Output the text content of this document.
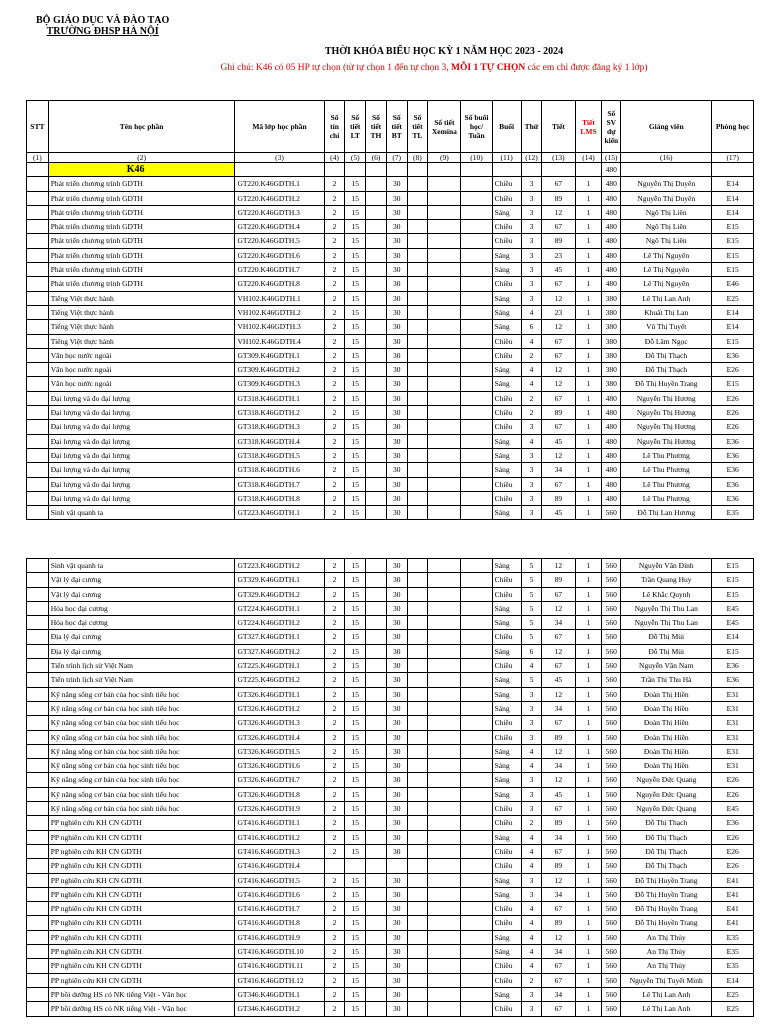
BỘ GIÁO DỤC VÀ ĐÀO TẠO
TRƯỜNG ĐHSP HÀ NỘI
THỜI KHÓA BIỂU HỌC KỲ 1 NĂM HỌC 2023 - 2024
Ghi chú: K46 có 05 HP tự chọn (từ tự chọn 1 đến tự chọn 3, MỖI 1 TỰ CHỌN các em chỉ được đăng ký 1 lớp)
STT	Tên học phần	Mã lớp học phần	Số tín chỉ	Số tiết LT	Số tiết TH	Số tiết BT	Số tiết TL	Số tiết Xemina	Số buổi học/ Tuần	Buổi	Thứ	Tiết	Tiết LMS	Số SV dự kiến	Giảng viên	Phòng học
(1)	(2)	(3)	(4)	(5)	(6)	(7)	(8)	(9)	(10)	(11)	(12)	(13)	(14)	(15)	(16)	(17)
	K46													480		
	Phát triển chương trình GDTH	GT220.K46GDTH.1	2	15		30				Chiều	3	67	1	480	Nguyễn Thị Duyên	E14
	Phát triển chương trình GDTH	GT220.K46GDTH.2	2	15		30				Chiều	3	89	1	480	Nguyễn Thị Duyên	E14
	Phát triển chương trình GDTH	GT220.K46GDTH.3	2	15		30				Sáng	3	12	1	480	Ngô Thị Liên	E14
	Phát triển chương trình GDTH	GT220.K46GDTH.4	2	15		30				Chiều	3	67	1	480	Ngô Thị Liên	E15
	Phát triển chương trình GDTH	GT220.K46GDTH.5	2	15		30				Chiều	3	89	1	480	Ngô Thị Liên	E15
	Phát triển chương trình GDTH	GT220.K46GDTH.6	2	15		30				Sáng	3	23	1	480	Lê Thị Nguyên	E15
	Phát triển chương trình GDTH	GT220.K46GDTH.7	2	15		30				Sáng	3	45	1	480	Lê Thị Nguyên	E15
	Phát triển chương trình GDTH	GT220.K46GDTH.8	2	15		30				Chiều	3	67	1	480	Lê Thị Nguyên	E46
	Tiếng Việt thực hành	VH102.K46GDTH.1	2	15		30				Sáng	3	12	1	380	Lê Thị Lan Anh	E25
	Tiếng Việt thực hành	VH102.K46GDTH.2	2	15		30				Sáng	4	23	1	380	Khuất Thị Lan	E14
	Tiếng Việt thực hành	VH102.K46GDTH.3	2	15		30				Sáng	6	12	1	380	Vũ Thị Tuyết	E14
	Tiếng Việt thực hành	VH102.K46GDTH.4	2	15		30				Chiều	4	67	1	380	Đỗ Lâm Ngọc	E15
	Văn học nước ngoài	GT309.K46GDTH.1	2	15		30				Chiều	2	67	1	380	Đỗ Thị Thạch	E36
	Văn học nước ngoài	GT309.K46GDTH.2	2	15		30				Sáng	4	12	1	380	Đỗ Thị Thạch	E26
	Văn học nước ngoài	GT309.K46GDTH.3	2	15		30				Sáng	4	12	1	380	Đỗ Thị Huyền Trang	E15
	Đại lượng và đo đại lượng	GT318.K46GDTH.1	2	15		30				Chiều	2	67	1	480	Nguyễn Thị Hương	E26
	Đại lượng và đo đại lượng	GT318.K46GDTH.2	2	15		30				Chiều	2	89	1	480	Nguyễn Thị Hương	E26
	Đại lượng và đo đại lượng	GT318.K46GDTH.3	2	15		30				Chiều	3	67	1	480	Nguyễn Thị Hương	E26
	Đại lượng và đo đại lượng	GT318.K46GDTH.4	2	15		30				Sáng	4	45	1	480	Nguyễn Thị Hương	E36
	Đại lượng và đo đại lượng	GT318.K46GDTH.5	2	15		30				Sáng	3	12	1	480	Lê Thu Phương	E36
	Đại lượng và đo đại lượng	GT318.K46GDTH.6	2	15		30				Sáng	3	34	1	480	Lê Thu Phương	E36
	Đại lượng và đo đại lượng	GT318.K46GDTH.7	2	15		30				Chiều	3	67	1	480	Lê Thu Phương	E36
	Đại lượng và đo đại lượng	GT318.K46GDTH.8	2	15		30				Chiều	3	89	1	480	Lê Thu Phương	E36
	Sinh vật quanh ta	GT223.K46GDTH.1	2	15		30				Sáng	3	45	1	560	Đỗ Thị Lan Hương	E35
	Sinh vật quanh ta	GT223.K46GDTH.2	2	15		30				Sáng	5	12	1	560	Nguyễn Văn Đính	E15
	Vật lý đại cương	GT329.K46GDTH.1	2	15		30				Chiều	5	89	1	560	Trần Quang Huy	E15
	Vật lý đại cương	GT329.K46GDTH.2	2	15		30				Chiều	5	67	1	560	Lê Khắc Quynh	E15
	Hóa học đại cương	GT224.K46GDTH.1	2	15		30				Sáng	5	12	1	560	Nguyễn Thị Thu Lan	E45
	Hóa học đại cương	GT224.K46GDTH.2	2	15		30				Sáng	5	34	1	560	Nguyễn Thị Thu Lan	E45
	Địa lý đại cương	GT327.K46GDTH.1	2	15		30				Chiều	5	67	1	560	Đỗ Thị Mùi	E14
	Địa lý đại cương	GT327.K46GDTH.2	2	15		30				Sáng	6	12	1	560	Đỗ Thị Mùi	E15
	Tiến trình lịch sử Việt Nam	GT225.K46GDTH.1	2	15		30				Chiều	4	67	1	560	Nguyễn Văn Nam	E36
	Tiến trình lịch sử Việt Nam	GT225.K46GDTH.2	2	15		30				Sáng	5	45	1	560	Trần Thị Thu Hà	E36
	Kỹ năng sống cơ bản của học sinh tiểu học	GT326.K46GDTH.1	2	15		30				Sáng	3	12	1	560	Đoàn Thị Hiền	E31
	Kỹ năng sống cơ bản của học sinh tiểu học	GT326.K46GDTH.2	2	15		30				Sáng	3	34	1	560	Đoàn Thị Hiền	E31
	Kỹ năng sống cơ bản của học sinh tiểu học	GT326.K46GDTH.3	2	15		30				Chiều	3	67	1	560	Đoàn Thị Hiền	E31
	Kỹ năng sống cơ bản của học sinh tiểu học	GT326.K46GDTH.4	2	15		30				Chiều	3	89	1	560	Đoàn Thị Hiền	E31
	Kỹ năng sống cơ bản của học sinh tiểu học	GT326.K46GDTH.5	2	15		30				Sáng	4	12	1	560	Đoàn Thị Hiền	E31
	Kỹ năng sống cơ bản của học sinh tiểu học	GT326.K46GDTH.6	2	15		30				Sáng	4	34	1	560	Đoàn Thị Hiền	E31
	Kỹ năng sống cơ bản của học sinh tiểu học	GT326.K46GDTH.7	2	15		30				Sáng	3	12	1	560	Nguyễn Đức Quang	E26
	Kỹ năng sống cơ bản của học sinh tiểu học	GT326.K46GDTH.8	2	15		30				Sáng	3	45	1	560	Nguyễn Đức Quang	E26
	Kỹ năng sống cơ bản của học sinh tiểu học	GT326.K46GDTH.9	2	15		30				Chiều	3	67	1	560	Nguyễn Đức Quang	E45
	PP nghiên cứu KH CN GDTH	GT416.K46GDTH.1	2	15		30				Chiều	2	89	1	560	Đỗ Thị Thạch	E36
	PP nghiên cứu KH CN GDTH	GT416.K46GDTH.2	2	15		30				Sáng	4	34	1	560	Đỗ Thị Thạch	E26
	PP nghiên cứu KH CN GDTH	GT416.K46GDTH.3	2	15		30				Chiều	4	67	1	560	Đỗ Thị Thạch	E26
	PP nghiên cứu KH CN GDTH	GT416.K46GDTH.4								Chiều	4	89	1	560	Đỗ Thị Thạch	E26
	PP nghiên cứu KH CN GDTH	GT416.K46GDTH.5	2	15		30				Sáng	3	12	1	560	Đỗ Thị Huyền Trang	E41
	PP nghiên cứu KH CN GDTH	GT416.K46GDTH.6	2	15		30				Sáng	3	34	1	560	Đỗ Thị Huyền Trang	E41
	PP nghiên cứu KH CN GDTH	GT416.K46GDTH.7	2	15		30				Chiều	4	67	1	560	Đỗ Thị Huyền Trang	E41
	PP nghiên cứu KH CN GDTH	GT416.K46GDTH.8	2	15		30				Chiều	4	89	1	560	Đỗ Thị Huyền Trang	E41
	PP nghiên cứu KH CN GDTH	GT416.K46GDTH.9	2	15		30				Sáng	4	12	1	560	An Thị Thủy	E35
	PP nghiên cứu KH CN GDTH	GT416.K46GDTH.10	2	15		30				Sáng	4	34	1	560	An Thị Thủy	E35
	PP nghiên cứu KH CN GDTH	GT416.K46GDTH.11	2	15		30				Chiều	4	67	1	560	An Thị Thủy	E35
	PP nghiên cứu KH CN GDTH	GT416.K46GDTH.12	2	15		30				Chiều	2	67	1	560	Nguyễn Thị Tuyết Minh	E14
	PP bồi dưỡng HS có NK tiếng Việt - Văn học	GT346.K46GDTH.1	2	15		30				Sáng	3	34	1	560	Lê Thị Lan Anh	E25
	PP bồi dưỡng HS có NK tiếng Việt - Văn học	GT346.K46GDTH.2	2	15		30				Chiều	3	67	1	560	Lê Thị Lan Anh	E25
